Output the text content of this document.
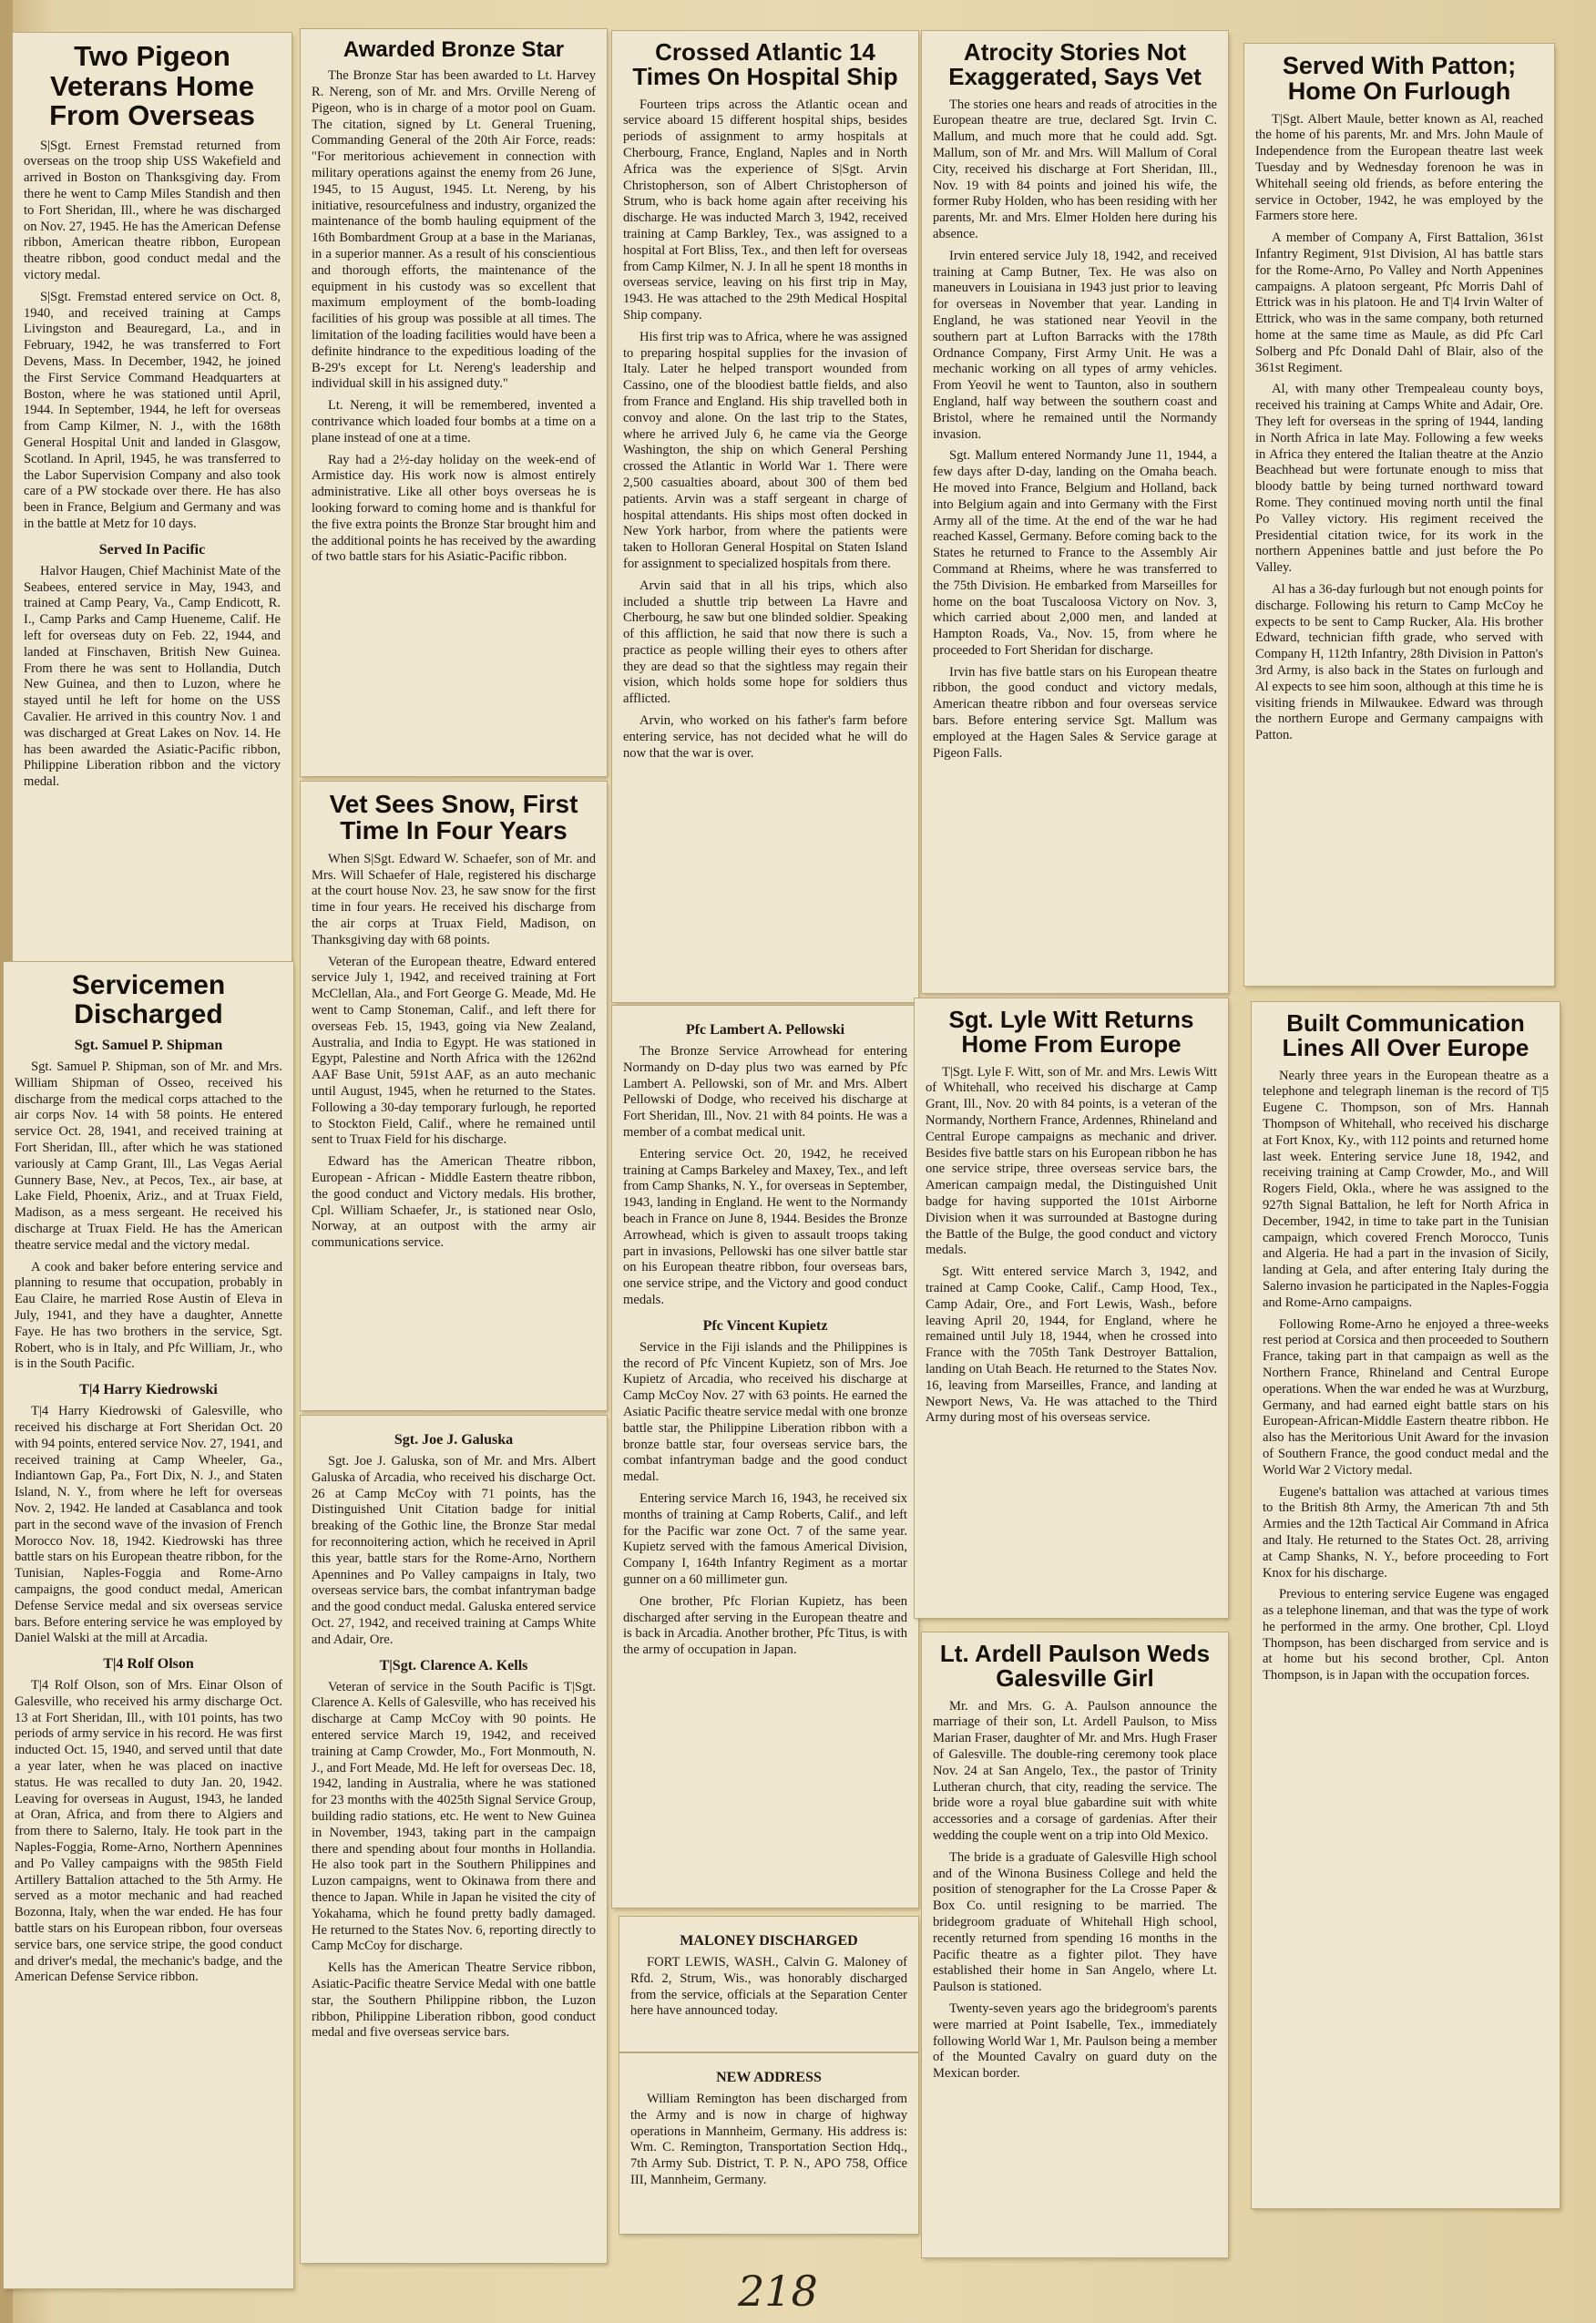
Two Pigeon Veterans Home From Overseas

S|Sgt. Ernest Fremstad returned from overseas on the troop ship USS Wakefield and arrived in Boston on Thanksgiving day. From there he went to Camp Miles Standish and then to Fort Sheridan, Ill., where he was discharged on Nov. 27, 1945. He has the American Defense ribbon, American theatre ribbon, European theatre ribbon, good conduct medal and the victory medal.

S|Sgt. Fremstad entered service on Oct. 8, 1940, and received training at Camps Livingston and Beauregard, La., and in February, 1942, he was transferred to Fort Devens, Mass. In December, 1942, he joined the First Service Command Headquarters at Boston, where he was stationed until April, 1944. In September, 1944, he left for overseas from Camp Kilmer, N. J., with the 168th General Hospital Unit and landed in Glasgow, Scotland. In April, 1945, he was transferred to the Labor Supervision Company and also took care of a PW stockade over there. He has also been in France, Belgium and Germany and was in the battle at Metz for 10 days.

Served In Pacific

Halvor Haugen, Chief Machinist Mate of the Seabees, entered service in May, 1943, and trained at Camp Peary, Va., Camp Endicott, R. I., Camp Parks and Camp Hueneme, Calif. He left for overseas duty on Feb. 22, 1944, and landed at Finschaven, British New Guinea. From there he was sent to Hollandia, Dutch New Guinea, and then to Luzon, where he stayed until he left for home on the USS Cavalier. He arrived in this country Nov. 1 and was discharged at Great Lakes on Nov. 14. He has been awarded the Asiatic-Pacific ribbon, Philippine Liberation ribbon and the victory medal.

Servicemen Discharged
Sgt. Samuel P. Shipman

Sgt. Samuel P. Shipman, son of Mr. and Mrs. William Shipman of Osseo, received his discharge from the medical corps attached to the air corps Nov. 14 with 58 points. He entered service Oct. 28, 1941, and received training at Fort Sheridan, Ill., after which he was stationed variously at Camp Grant, Ill., Las Vegas Aerial Gunnery Base, Nev., at Pecos, Tex., air base, at Lake Field, Phoenix, Ariz., and at Truax Field, Madison, as a mess sergeant. He received his discharge at Truax Field. He has the American theatre service medal and the victory medal.

A cook and baker before entering service and planning to resume that occupation, probably in Eau Claire, he married Rose Austin of Eleva in July, 1941, and they have a daughter, Annette Faye. He has two brothers in the service, Sgt. Robert, who is in Italy, and Pfc William, Jr., who is in the South Pacific.

T|4 Harry Kiedrowski

T|4 Harry Kiedrowski of Galesville, who received his discharge at Fort Sheridan Oct. 20 with 94 points, entered service Nov. 27, 1941, and received training at Camp Wheeler, Ga., Indiantown Gap, Pa., Fort Dix, N. J., and Staten Island, N. Y., from where he left for overseas Nov. 2, 1942. He landed at Casablanca and took part in the second wave of the invasion of French Morocco Nov. 18, 1942. Kiedrowski has three battle stars on his European theatre ribbon, for the Tunisian, Naples-Foggia and Rome-Arno campaigns, the good conduct medal, American Defense Service medal and six overseas service bars. Before entering service he was employed by Daniel Walski at the mill at Arcadia.

T|4 Rolf Olson

T|4 Rolf Olson, son of Mrs. Einar Olson of Galesville, who received his army discharge Oct. 13 at Fort Sheridan, Ill., with 101 points, has two periods of army service in his record. He was first inducted Oct. 15, 1940, and served until that date a year later, when he was placed on inactive status. He was recalled to duty Jan. 20, 1942. Leaving for overseas in August, 1943, he landed at Oran, Africa, and from there to Algiers and from there to Salerno, Italy. He took part in the Naples-Foggia, Rome-Arno, Northern Apennines and Po Valley campaigns with the 985th Field Artillery Battalion attached to the 5th Army. He served as a motor mechanic and had reached Bozonna, Italy, when the war ended. He has four battle stars on his European ribbon, four overseas service bars, one service stripe, the good conduct and driver's medal, the mechanic's badge, and the American Defense Service ribbon.

Awarded Bronze Star

The Bronze Star has been awarded to Lt. Harvey R. Nereng, son of Mr. and Mrs. Orville Nereng of Pigeon, who is in charge of a motor pool on Guam. The citation, signed by Lt. General Truening, Commanding General of the 20th Air Force, reads: "For meritorious achievement in connection with military operations against the enemy from 26 June, 1945, to 15 August, 1945. Lt. Nereng, by his initiative, resourcefulness and industry, organized the maintenance of the bomb hauling equipment of the 16th Bombardment Group at a base in the Marianas, in a superior manner. As a result of his conscientious and thorough efforts, the maintenance of the equipment in his custody was so excellent that maximum employment of the bomb-loading facilities of his group was possible at all times. The limitation of the loading facilities would have been a definite hindrance to the expeditious loading of the B-29's except for Lt. Nereng's leadership and individual skill in his assigned duty."

Lt. Nereng, it will be remembered, invented a contrivance which loaded four bombs at a time on a plane instead of one at a time.

Ray had a 2½-day holiday on the week-end of Armistice day. His work now is almost entirely administrative. Like all other boys overseas he is looking forward to coming home and is thankful for the five extra points the Bronze Star brought him and the additional points he has received by the awarding of two battle stars for his Asiatic-Pacific ribbon.

Vet Sees Snow, First Time In Four Years

When S|Sgt. Edward W. Schaefer, son of Mr. and Mrs. Will Schaefer of Hale, registered his discharge at the court house Nov. 23, he saw snow for the first time in four years. He received his discharge from the air corps at Truax Field, Madison, on Thanksgiving day with 68 points.

Veteran of the European theatre, Edward entered service July 1, 1942, and received training at Fort McClellan, Ala., and Fort George G. Meade, Md. He went to Camp Stoneman, Calif., and left there for overseas Feb. 15, 1943, going via New Zealand, Australia, and India to Egypt. He was stationed in Egypt, Palestine and North Africa with the 1262nd AAF Base Unit, 591st AAF, as an auto mechanic until August, 1945, when he returned to the States. Following a 30-day temporary furlough, he reported to Stockton Field, Calif., where he remained until sent to Truax Field for his discharge.

Edward has the American Theatre ribbon, European - African - Middle Eastern theatre ribbon, the good conduct and Victory medals. His brother, Cpl. William Schaefer, Jr., is stationed near Oslo, Norway, at an outpost with the army air communications service.

Sgt. Joe J. Galuska

Sgt. Joe J. Galuska, son of Mr. and Mrs. Albert Galuska of Arcadia, who received his discharge Oct. 26 at Camp McCoy with 71 points, has the Distinguished Unit Citation badge for initial breaking of the Gothic line, the Bronze Star medal for reconnoitering action, which he received in April this year, battle stars for the Rome-Arno, Northern Apennines and Po Valley campaigns in Italy, two overseas service bars, the combat infantryman badge and the good conduct medal. Galuska entered service Oct. 27, 1942, and received training at Camps White and Adair, Ore.

T|Sgt. Clarence A. Kells

Veteran of service in the South Pacific is T|Sgt. Clarence A. Kells of Galesville, who has received his discharge at Camp McCoy with 90 points. He entered service March 19, 1942, and received training at Camp Crowder, Mo., Fort Monmouth, N. J., and Fort Meade, Md. He left for overseas Dec. 18, 1942, landing in Australia, where he was stationed for 23 months with the 4025th Signal Service Group, building radio stations, etc. He went to New Guinea in November, 1943, taking part in the campaign there and spending about four months in Hollandia. He also took part in the Southern Philippines and Luzon campaigns, went to Okinawa from there and thence to Japan. While in Japan he visited the city of Yokahama, which he found pretty badly damaged. He returned to the States Nov. 6, reporting directly to Camp McCoy for discharge.

Kells has the American Theatre Service ribbon, Asiatic-Pacific theatre Service Medal with one battle star, the Southern Philippine ribbon, the Luzon ribbon, Philippine Liberation ribbon, good conduct medal and five overseas service bars.

Crossed Atlantic 14 Times On Hospital Ship

Fourteen trips across the Atlantic ocean and service aboard 15 different hospital ships, besides periods of assignment to army hospitals at Cherbourg, France, England, Naples and in North Africa was the experience of S|Sgt. Arvin Christopherson, son of Albert Christopherson of Strum, who is back home again after receiving his discharge. He was inducted March 3, 1942, received training at Camp Barkley, Tex., was assigned to a hospital at Fort Bliss, Tex., and then left for overseas from Camp Kilmer, N. J. In all he spent 18 months in overseas service, leaving on his first trip in May, 1943. He was attached to the 29th Medical Hospital Ship company.

His first trip was to Africa, where he was assigned to preparing hospital supplies for the invasion of Italy. Later he helped transport wounded from Cassino, one of the bloodiest battle fields, and also from France and England. His ship travelled both in convoy and alone. On the last trip to the States, where he arrived July 6, he came via the George Washington, the ship on which General Pershing crossed the Atlantic in World War 1. There were 2,500 casualties aboard, about 300 of them bed patients. Arvin was a staff sergeant in charge of hospital attendants. His ships most often docked in New York harbor, from where the patients were taken to Holloran General Hospital on Staten Island for assignment to specialized hospitals from there.

Arvin said that in all his trips, which also included a shuttle trip between La Havre and Cherbourg, he saw but one blinded soldier. Speaking of this affliction, he said that now there is such a practice as people willing their eyes to others after they are dead so that the sightless may regain their vision, which holds some hope for soldiers thus afflicted.

Arvin, who worked on his father's farm before entering service, has not decided what he will do now that the war is over.

Pfc Lambert A. Pellowski

The Bronze Service Arrowhead for entering Normandy on D-day plus two was earned by Pfc Lambert A. Pellowski, son of Mr. and Mrs. Albert Pellowski of Dodge, who received his discharge at Fort Sheridan, Ill., Nov. 21 with 84 points. He was a member of a combat medical unit.

Entering service Oct. 20, 1942, he received training at Camps Barkeley and Maxey, Tex., and left from Camp Shanks, N. Y., for overseas in September, 1943, landing in England. He went to the Normandy beach in France on June 8, 1944. Besides the Bronze Arrowhead, which is given to assault troops taking part in invasions, Pellowski has one silver battle star on his European theatre ribbon, four overseas bars, one service stripe, and the Victory and good conduct medals.

Pfc Vincent Kupietz

Service in the Fiji islands and the Philippines is the record of Pfc Vincent Kupietz, son of Mrs. Joe Kupietz of Arcadia, who received his discharge at Camp McCoy Nov. 27 with 63 points. He earned the Asiatic Pacific theatre service medal with one bronze battle star, the Philippine Liberation ribbon with a bronze battle star, four overseas service bars, the combat infantryman badge and the good conduct medal.

Entering service March 16, 1943, he received six months of training at Camp Roberts, Calif., and left for the Pacific war zone Oct. 7 of the same year. Kupietz served with the famous Americal Division, Company I, 164th Infantry Regiment as a mortar gunner on a 60 millimeter gun.

One brother, Pfc Florian Kupietz, has been discharged after serving in the European theatre and is back in Arcadia. Another brother, Pfc Titus, is with the army of occupation in Japan.

MALONEY DISCHARGED

FORT LEWIS, WASH., Calvin G. Maloney of Rfd. 2, Strum, Wis., was honorably discharged from the service, officials at the Separation Center here have announced today.

NEW ADDRESS

William Remington has been discharged from the Army and is now in charge of highway operations in Mannheim, Germany. His address is: Wm. C. Remington, Transportation Section Hdq., 7th Army Sub. District, T. P. N., APO 758, Office III, Mannheim, Germany.

Atrocity Stories Not Exaggerated, Says Vet

The stories one hears and reads of atrocities in the European theatre are true, declared Sgt. Irvin C. Mallum, and much more that he could add. Sgt. Mallum, son of Mr. and Mrs. Will Mallum of Coral City, received his discharge at Fort Sheridan, Ill., Nov. 19 with 84 points and joined his wife, the former Ruby Holden, who has been residing with her parents, Mr. and Mrs. Elmer Holden here during his absence.

Irvin entered service July 18, 1942, and received training at Camp Butner, Tex. He was also on maneuvers in Louisiana in 1943 just prior to leaving for overseas in November that year. Landing in England, he was stationed near Yeovil in the southern part at Lufton Barracks with the 178th Ordnance Company, First Army Unit. He was a mechanic working on all types of army vehicles. From Yeovil he went to Taunton, also in southern England, half way between the southern coast and Bristol, where he remained until the Normandy invasion.

Sgt. Mallum entered Normandy June 11, 1944, a few days after D-day, landing on the Omaha beach. He moved into France, Belgium and Holland, back into Belgium again and into Germany with the First Army all of the time. At the end of the war he had reached Kassel, Germany. Before coming back to the States he returned to France to the Assembly Air Command at Rheims, where he was transferred to the 75th Division. He embarked from Marseilles for home on the boat Tuscaloosa Victory on Nov. 3, which carried about 2,000 men, and landed at Hampton Roads, Va., Nov. 15, from where he proceeded to Fort Sheridan for discharge.

Irvin has five battle stars on his European theatre ribbon, the good conduct and victory medals, American theatre ribbon and four overseas service bars. Before entering service Sgt. Mallum was employed at the Hagen Sales & Service garage at Pigeon Falls.

Sgt. Lyle Witt Returns Home From Europe

T|Sgt. Lyle F. Witt, son of Mr. and Mrs. Lewis Witt of Whitehall, who received his discharge at Camp Grant, Ill., Nov. 20 with 84 points, is a veteran of the Normandy, Northern France, Ardennes, Rhineland and Central Europe campaigns as mechanic and driver. Besides five battle stars on his European ribbon he has one service stripe, three overseas service bars, the American campaign medal, the Distinguished Unit badge for having supported the 101st Airborne Division when it was surrounded at Bastogne during the Battle of the Bulge, the good conduct and victory medals.

Sgt. Witt entered service March 3, 1942, and trained at Camp Cooke, Calif., Camp Hood, Tex., Camp Adair, Ore., and Fort Lewis, Wash., before leaving April 20, 1944, for England, where he remained until July 18, 1944, when he crossed into France with the 705th Tank Destroyer Battalion, landing on Utah Beach. He returned to the States Nov. 16, leaving from Marseilles, France, and landing at Newport News, Va. He was attached to the Third Army during most of his overseas service.

Lt. Ardell Paulson Weds Galesville Girl

Mr. and Mrs. G. A. Paulson announce the marriage of their son, Lt. Ardell Paulson, to Miss Marian Fraser, daughter of Mr. and Mrs. Hugh Fraser of Galesville. The double-ring ceremony took place Nov. 24 at San Angelo, Tex., the pastor of Trinity Lutheran church, that city, reading the service. The bride wore a royal blue gabardine suit with white accessories and a corsage of gardenias. After their wedding the couple went on a trip into Old Mexico.

The bride is a graduate of Galesville High school and of the Winona Business College and held the position of stenographer for the La Crosse Paper & Box Co. until resigning to be married. The bridegroom graduate of Whitehall High school, recently returned from spending 16 months in the Pacific theatre as a fighter pilot. They have established their home in San Angelo, where Lt. Paulson is stationed.

Twenty-seven years ago the bridegroom's parents were married at Point Isabelle, Tex., immediately following World War 1, Mr. Paulson being a member of the Mounted Cavalry on guard duty on the Mexican border.

Served With Patton; Home On Furlough

T|Sgt. Albert Maule, better known as Al, reached the home of his parents, Mr. and Mrs. John Maule of Independence from the European theatre last week Tuesday and by Wednesday forenoon he was in Whitehall seeing old friends, as before entering the service in October, 1942, he was employed by the Farmers store here.

A member of Company A, First Battalion, 361st Infantry Regiment, 91st Division, Al has battle stars for the Rome-Arno, Po Valley and North Appenines campaigns. A platoon sergeant, Pfc Morris Dahl of Ettrick was in his platoon. He and T|4 Irvin Walter of Ettrick, who was in the same company, both returned home at the same time as Maule, as did Pfc Carl Solberg and Pfc Donald Dahl of Blair, also of the 361st Regiment.

Al, with many other Trempealeau county boys, received his training at Camps White and Adair, Ore. They left for overseas in the spring of 1944, landing in North Africa in late May. Following a few weeks in Africa they entered the Italian theatre at the Anzio Beachhead but were fortunate enough to miss that bloody battle by being turned northward toward Rome. They continued moving north until the final Po Valley victory. His regiment received the Presidential citation twice, for its work in the northern Appenines battle and just before the Po Valley.

Al has a 36-day furlough but not enough points for discharge. Following his return to Camp McCoy he expects to be sent to Camp Rucker, Ala. His brother Edward, technician fifth grade, who served with Company H, 112th Infantry, 28th Division in Patton's 3rd Army, is also back in the States on furlough and Al expects to see him soon, although at this time he is visiting friends in Milwaukee. Edward was through the northern Europe and Germany campaigns with Patton.

Built Communication Lines All Over Europe

Nearly three years in the European theatre as a telephone and telegraph lineman is the record of T|5 Eugene C. Thompson, son of Mrs. Hannah Thompson of Whitehall, who received his discharge at Fort Knox, Ky., with 112 points and returned home last week. Entering service June 18, 1942, and receiving training at Camp Crowder, Mo., and Will Rogers Field, Okla., where he was assigned to the 927th Signal Battalion, he left for North Africa in December, 1942, in time to take part in the Tunisian campaign, which covered French Morocco, Tunis and Algeria. He had a part in the invasion of Sicily, landing at Gela, and after entering Italy during the Salerno invasion he participated in the Naples-Foggia and Rome-Arno campaigns.

Following Rome-Arno he enjoyed a three-weeks rest period at Corsica and then proceeded to Southern France, taking part in that campaign as well as the Northern France, Rhineland and Central Europe operations. When the war ended he was at Wurzburg, Germany, and had earned eight battle stars on his European-African-Middle Eastern theatre ribbon. He also has the Meritorious Unit Award for the invasion of Southern France, the good conduct medal and the World War 2 Victory medal.

Eugene's battalion was attached at various times to the British 8th Army, the American 7th and 5th Armies and the 12th Tactical Air Command in Africa and Italy. He returned to the States Oct. 28, arriving at Camp Shanks, N. Y., before proceeding to Fort Knox for his discharge.

Previous to entering service Eugene was engaged as a telephone lineman, and that was the type of work he performed in the army. One brother, Cpl. Lloyd Thompson, has been discharged from service and is at home but his second brother, Cpl. Anton Thompson, is in Japan with the occupation forces.

218
